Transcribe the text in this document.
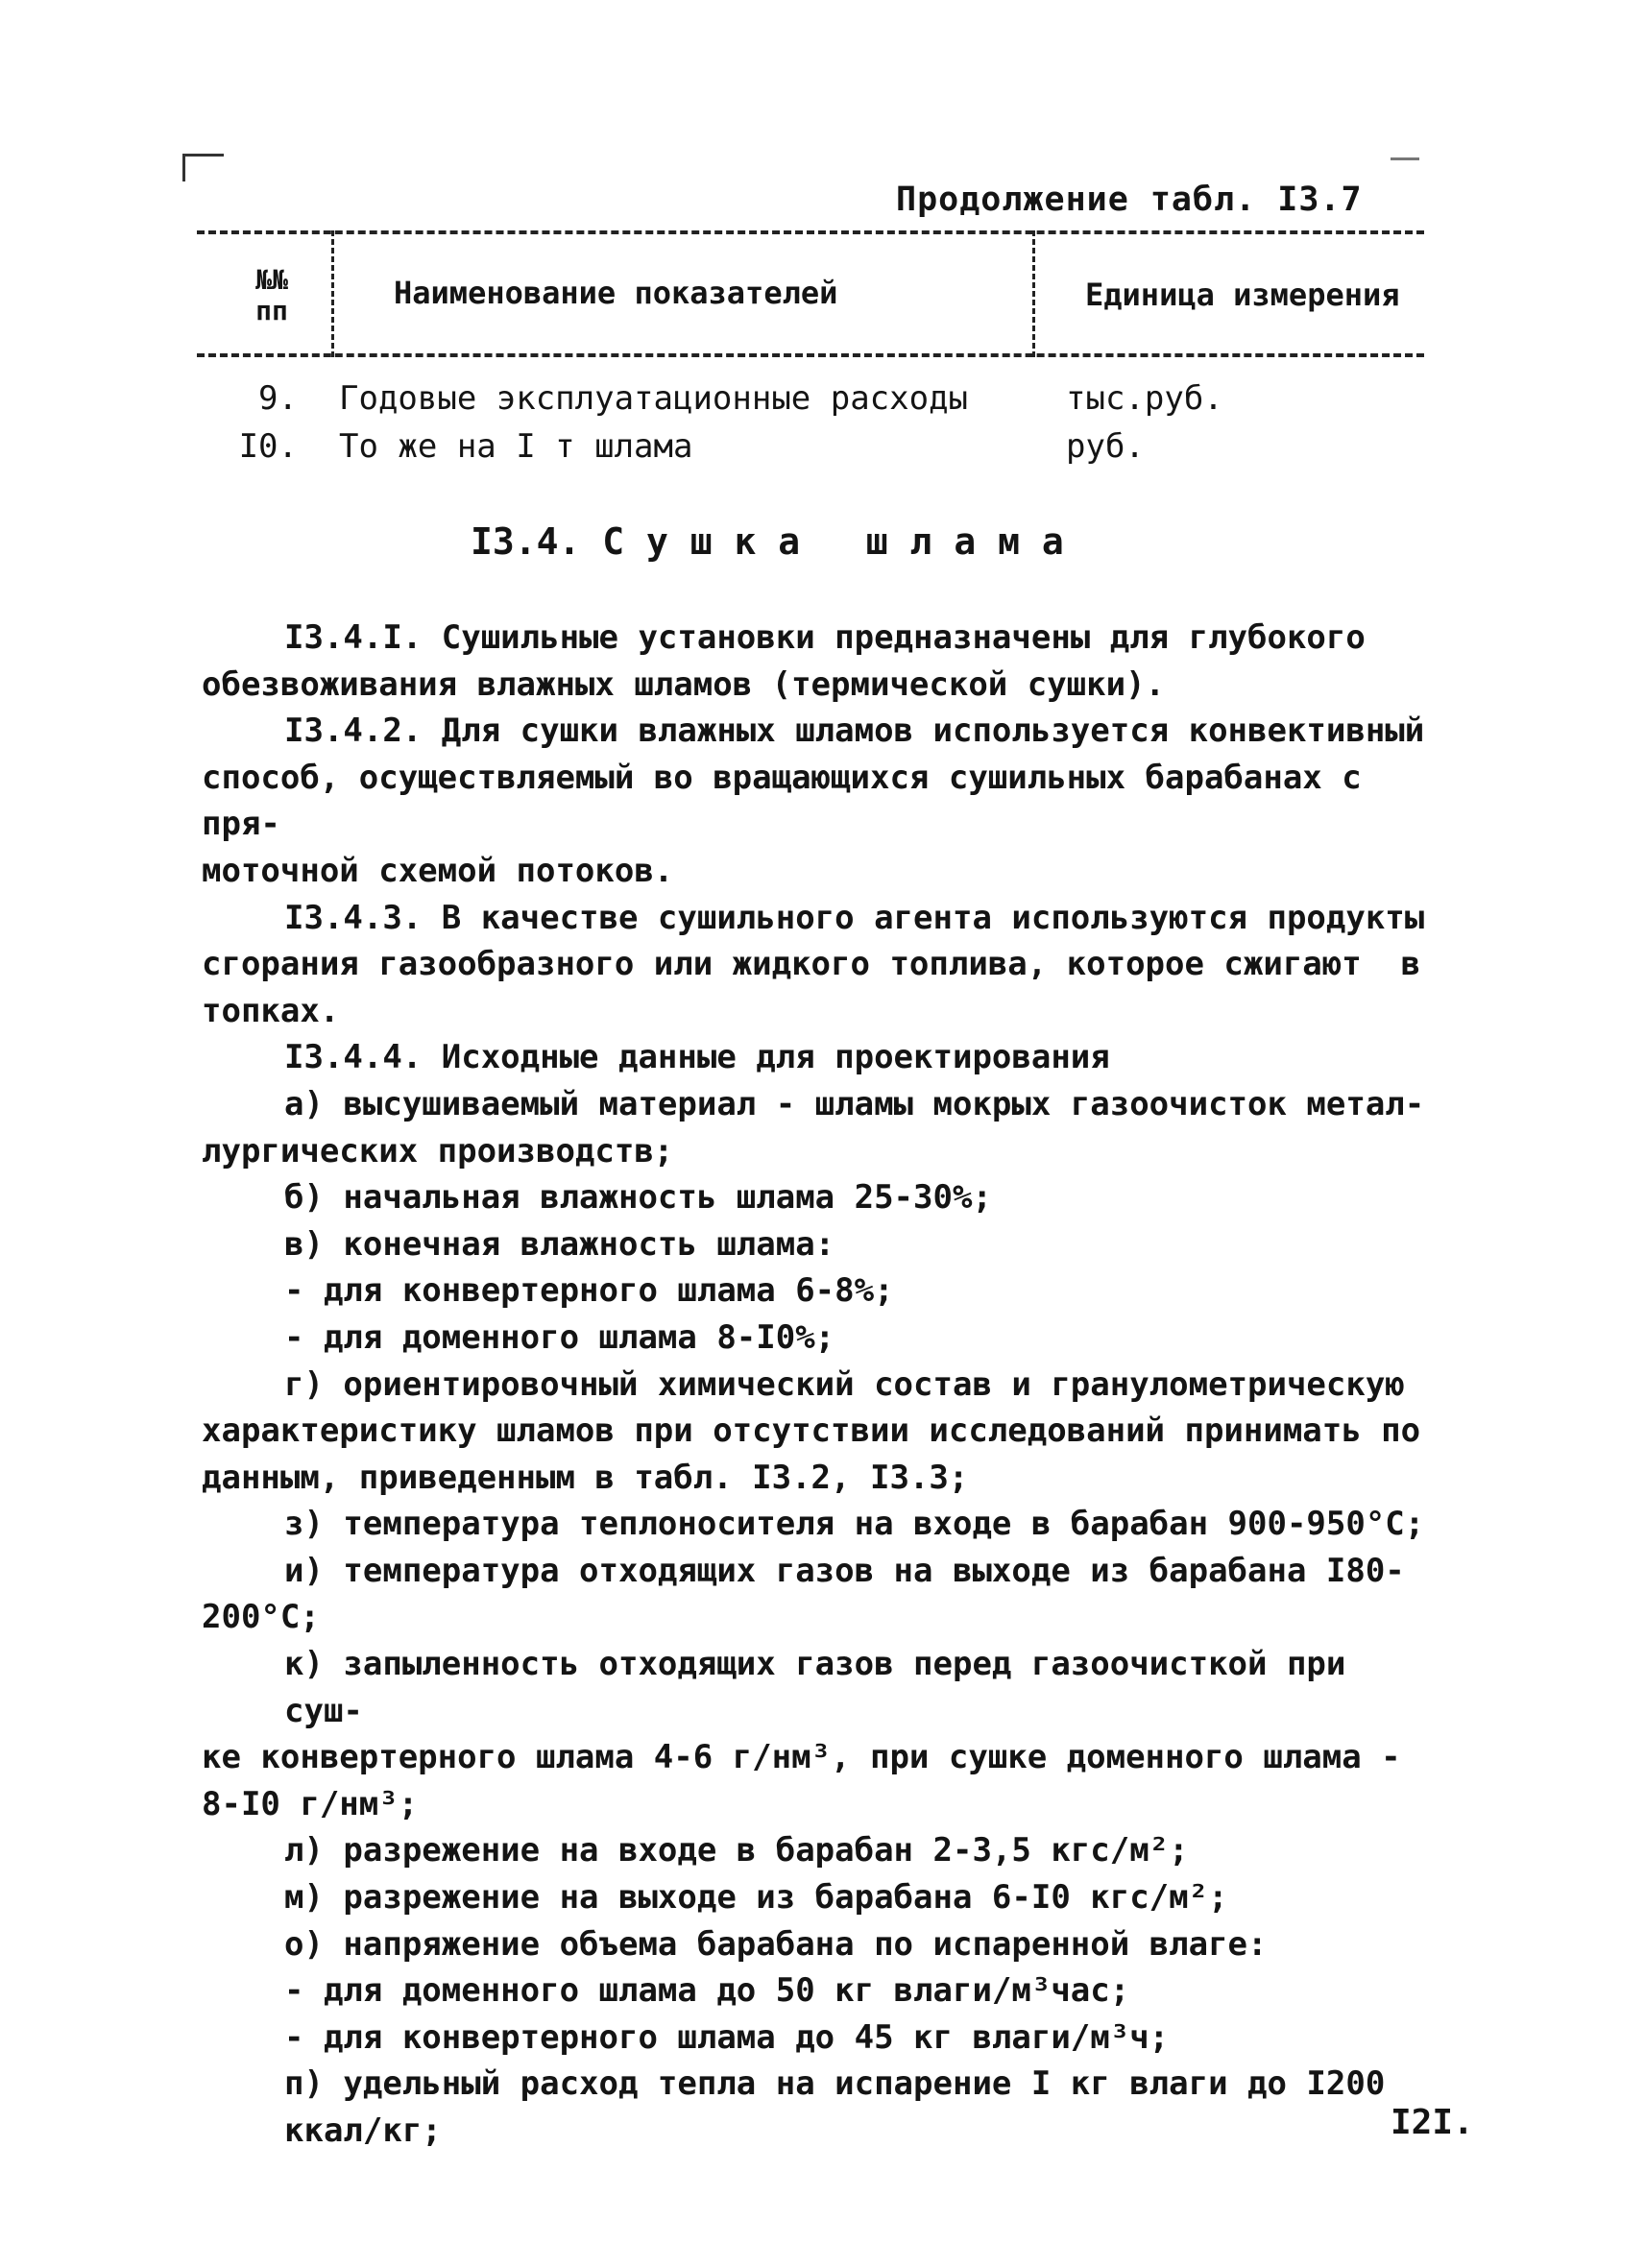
Продолжение табл. I3.7
№№
пп	Наименование показателей	Единица измерения
9. Годовые эксплуатационные расходы	тыс.руб.
I0. То же на I т шлама	руб.
I3.4. С у ш к а   ш л а м а

I3.4.I. Сушильные установки предназначены для глубокого

обезвоживания влажных шламов (термической сушки).

I3.4.2. Для сушки влажных шламов используется конвективный

способ, осуществляемый во вращающихся сушильных барабанах с пря-

моточной схемой потоков.

I3.4.3. В качестве сушильного агента используются продукты

сгорания газообразного или жидкого топлива, которое сжигают  в

топках.

I3.4.4. Исходные данные для проектирования

а) высушиваемый материал - шламы мокрых газоочисток метал-

лургических производств;

б) начальная влажность шлама 25-30%;

в) конечная влажность шлама:

- для конвертерного шлама 6-8%;

- для доменного шлама 8-I0%;

г) ориентировочный химический состав и гранулометрическую

характеристику шламов при отсутствии исследований принимать по

данным, приведенным в табл. I3.2, I3.3;

з) температура теплоносителя на входе в барабан 900-950°С;

и) температура отходящих газов на выходе из барабана I80-

200°С;

к) запыленность отходящих газов перед газоочисткой при суш-

ке конвертерного шлама 4-6 г/нм³, при сушке доменного шлама -

8-I0 г/нм³;

л) разрежение на входе в барабан 2-3,5 кгс/м²;

м) разрежение на выходе из барабана 6-I0 кгс/м²;

о) напряжение объема барабана по испаренной влаге:

- для доменного шлама до 50 кг влаги/м³час;

- для конвертерного шлама до 45 кг влаги/м³ч;

п) удельный расход тепла на испарение I кг влаги до I200 ккал/кг;	I2I.
